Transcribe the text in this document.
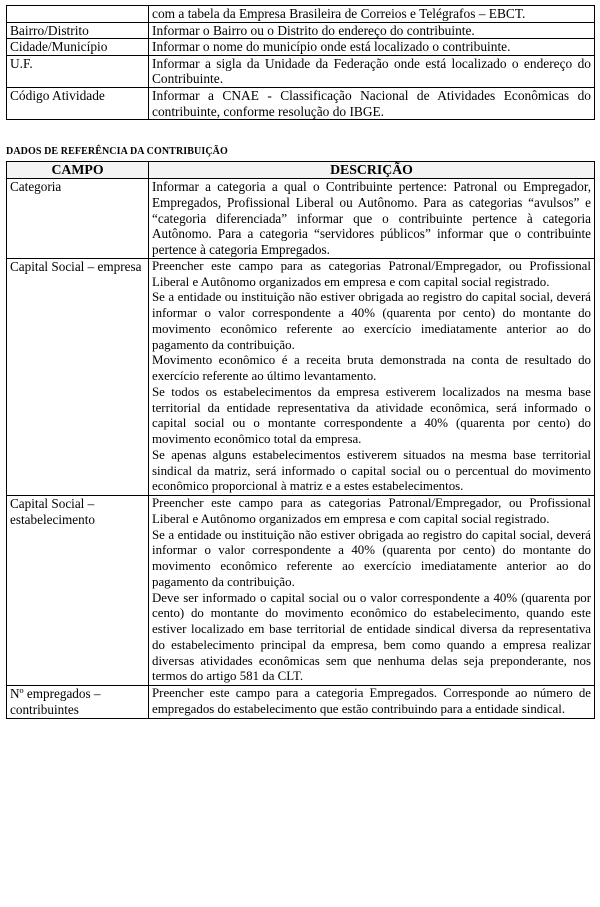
	com a tabela da Empresa Brasileira de Correios e Telégrafos – EBCT.
Bairro/Distrito	Informar o Bairro ou o Distrito do endereço do contribuinte.
Cidade/Município	Informar o nome do município onde está localizado o contribuinte.
U.F.	Informar a sigla da Unidade da Federação onde está localizado o endereço do Contribuinte.
Código Atividade	Informar a CNAE - Classificação Nacional de Atividades Econômicas do contribuinte, conforme resolução do IBGE.
DADOS DE REFERÊNCIA DA CONTRIBUIÇÃO
CAMPO	DESCRIÇÃO
Categoria	Informar a categoria a qual o Contribuinte pertence: Patronal ou Empregador, Empregados, Profissional Liberal ou Autônomo. Para as categorias “avulsos” e “categoria diferenciada” informar que o contribuinte pertence à categoria Autônomo. Para a categoria “servidores públicos” informar que o contribuinte pertence à categoria Empregados.

Capital Social – empresa	Preencher este campo para as categorias Patronal/Empregador, ou Profissional Liberal e Autônomo organizados em empresa e com capital social registrado.

Se a entidade ou instituição não estiver obrigada ao registro do capital social, deverá informar o valor correspondente a 40% (quarenta por cento) do montante do movimento econômico referente ao exercício imediatamente anterior ao do pagamento da contribuição.

Movimento econômico é a receita bruta demonstrada na conta de resultado do exercício referente ao último levantamento.

Se todos os estabelecimentos da empresa estiverem localizados na mesma base territorial da entidade representativa da atividade econômica, será informado o capital social ou o montante correspondente a 40% (quarenta por cento) do movimento econômico total da empresa.

Se apenas alguns estabelecimentos estiverem situados na mesma base territorial sindical da matriz, será informado o capital social ou o percentual do movimento econômico proporcional à matriz e a estes estabelecimentos.

Capital Social – estabelecimento	Preencher este campo para as categorias Patronal/Empregador, ou Profissional Liberal e Autônomo organizados em empresa e com capital social registrado.

Se a entidade ou instituição não estiver obrigada ao registro do capital social, deverá informar o valor correspondente a 40% (quarenta por cento) do montante do movimento econômico referente ao exercício imediatamente anterior ao do pagamento da contribuição.

Deve ser informado o capital social ou o valor correspondente a 40% (quarenta por cento) do montante do movimento econômico do estabelecimento, quando este estiver localizado em base territorial de entidade sindical diversa da representativa do estabelecimento principal da empresa, bem como quando a empresa realizar diversas atividades econômicas sem que nenhuma delas seja preponderante, nos termos do artigo 581 da CLT.

Nº empregados – contribuintes	Preencher este campo para a categoria Empregados. Corresponde ao número de empregados do estabelecimento que estão contribuindo para a entidade sindical.
